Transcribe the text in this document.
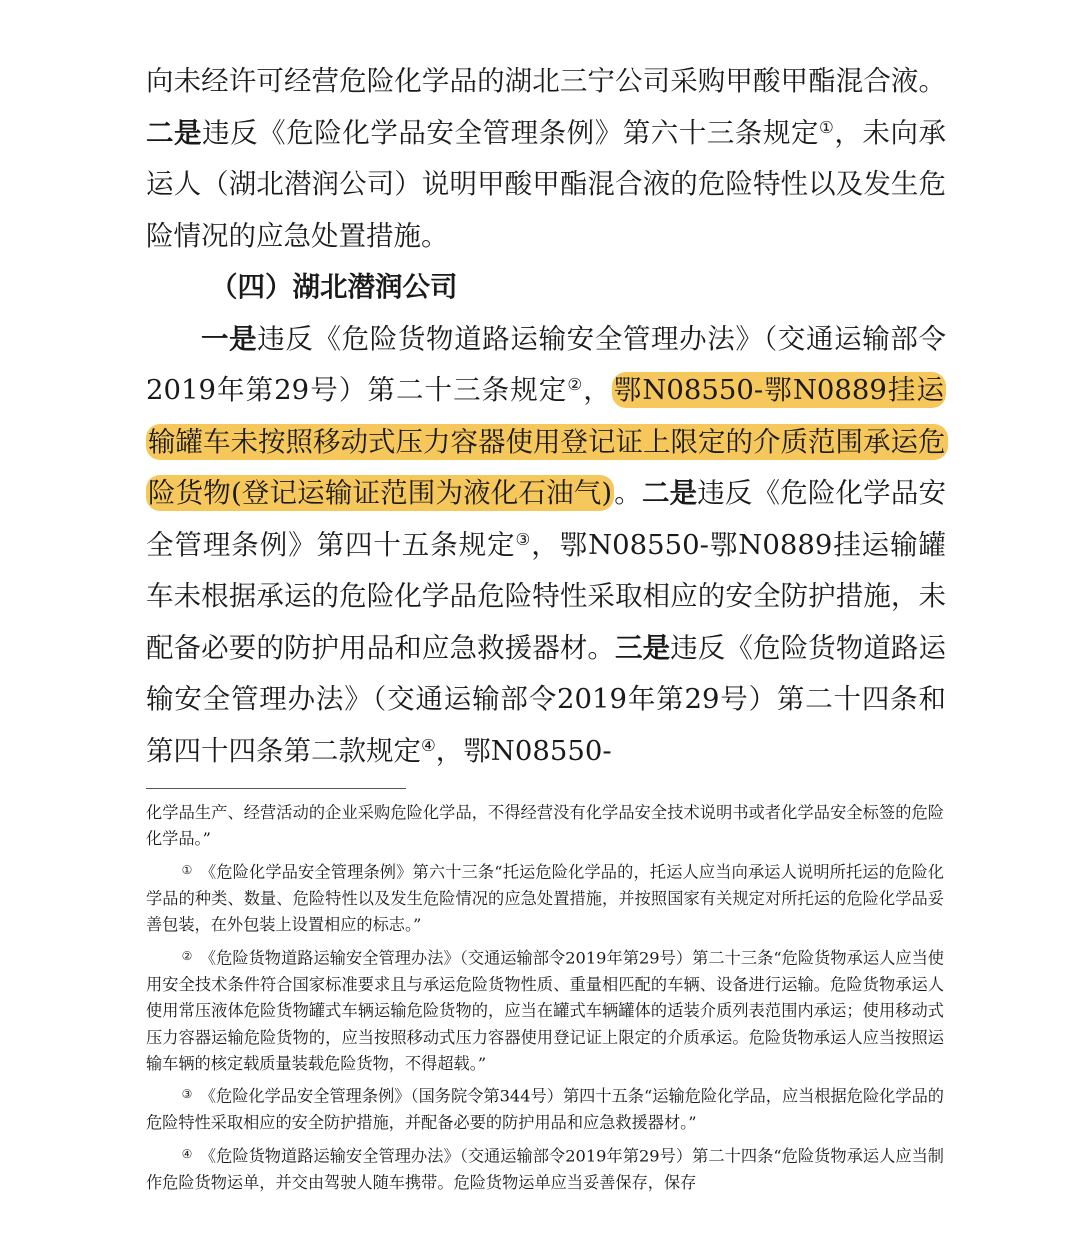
向未经许可经营危险化学品的湖北三宁公司采购甲酸甲酯混合液。二是违反《危险化学品安全管理条例》第六十三条规定①，未向承运人（湖北潜润公司）说明甲酸甲酯混合液的危险特性以及发生危险情况的应急处置措施。

（四）湖北潜润公司

一是违反《危险货物道路运输安全管理办法》（交通运输部令2019年第29号）第二十三条规定②，鄂N08550-鄂N0889挂运输罐车未按照移动式压力容器使用登记证上限定的介质范围承运危险货物(登记运输证范围为液化石油气)。二是违反《危险化学品安全管理条例》第四十五条规定③，鄂N08550-鄂N0889挂运输罐车未根据承运的危险化学品危险特性采取相应的安全防护措施，未配备必要的防护用品和应急救援器材。三是违反《危险货物道路运输安全管理办法》（交通运输部令2019年第29号）第二十四条和第四十四条第二款规定④，鄂N08550-

化学品生产、经营活动的企业采购危险化学品，不得经营没有化学品安全技术说明书或者化学品安全标签的危险化学品。”

① 《危险化学品安全管理条例》第六十三条“托运危险化学品的，托运人应当向承运人说明所托运的危险化学品的种类、数量、危险特性以及发生危险情况的应急处置措施，并按照国家有关规定对所托运的危险化学品妥善包装，在外包装上设置相应的标志。”

② 《危险货物道路运输安全管理办法》（交通运输部令2019年第29号）第二十三条“危险货物承运人应当使用安全技术条件符合国家标准要求且与承运危险货物性质、重量相匹配的车辆、设备进行运输。危险货物承运人使用常压液体危险货物罐式车辆运输危险货物的，应当在罐式车辆罐体的适装介质列表范围内承运；使用移动式压力容器运输危险货物的，应当按照移动式压力容器使用登记证上限定的介质承运。危险货物承运人应当按照运输车辆的核定载质量装载危险货物，不得超载。”

③ 《危险化学品安全管理条例》（国务院令第344号）第四十五条“运输危险化学品，应当根据危险化学品的危险特性采取相应的安全防护措施，并配备必要的防护用品和应急救援器材。”

④ 《危险货物道路运输安全管理办法》（交通运输部令2019年第29号）第二十四条“危险货物承运人应当制作危险货物运单，并交由驾驶人随车携带。危险货物运单应当妥善保存，保存
